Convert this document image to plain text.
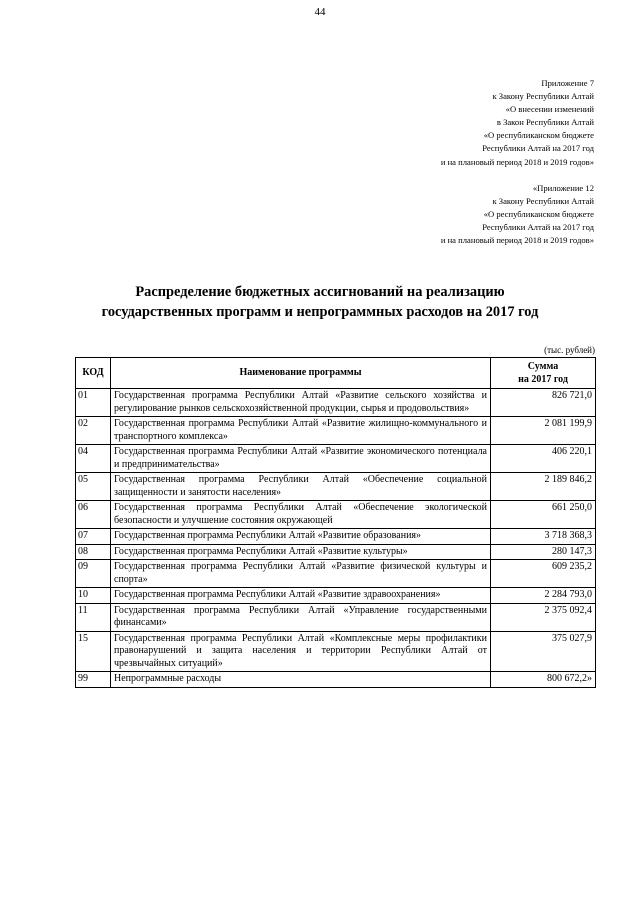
44
Приложение 7
к Закону Республики Алтай
«О внесении изменений
в Закон Республики Алтай
«О республиканском бюджете
Республики Алтай на 2017 год
и на плановый период 2018 и 2019 годов»
«Приложение 12
к Закону Республики Алтай
«О республиканском бюджете
Республики Алтай на 2017 год
и на плановый период 2018 и 2019 годов»
Распределение бюджетных ассигнований на реализацию
государственных программ и непрограммных расходов на 2017 год
(тыс. рублей)
КОД	Наименование программы	Сумма
на 2017 год

01	Государственная программа Республики Алтай «Развитие сельского хозяйства и регулирование рынков сельскохозяйственной продукции, сырья и продовольствия»	826 721,0
02	Государственная программа Республики Алтай «Развитие жилищно-коммунального и транспортного комплекса»	2 081 199,9
04	Государственная программа Республики Алтай «Развитие экономического потенциала и предпринимательства»	406 220,1
05	Государственная программа Республики Алтай «Обеспечение социальной защищенности и занятости населения»	2 189 846,2
06	Государственная программа Республики Алтай «Обеспечение экологической безопасности и улучшение состояния окружающей	661 250,0
07	Государственная программа Республики Алтай «Развитие образования»	3 718 368,3
08	Государственная программа Республики Алтай «Развитие культуры»	280 147,3
09	Государственная программа Республики Алтай «Развитие физической культуры и спорта»	609 235,2
10	Государственная программа Республики Алтай «Развитие здравоохранения»	2 284 793,0
11	Государственная программа Республики Алтай «Управление государственными финансами»	2 375 092,4
15	Государственная программа Республики Алтай «Комплексные меры профилактики правонарушений и защита населения и территории Республики Алтай от чрезвычайных ситуаций»	375 027,9
99	Непрограммные расходы	800 672,2»
